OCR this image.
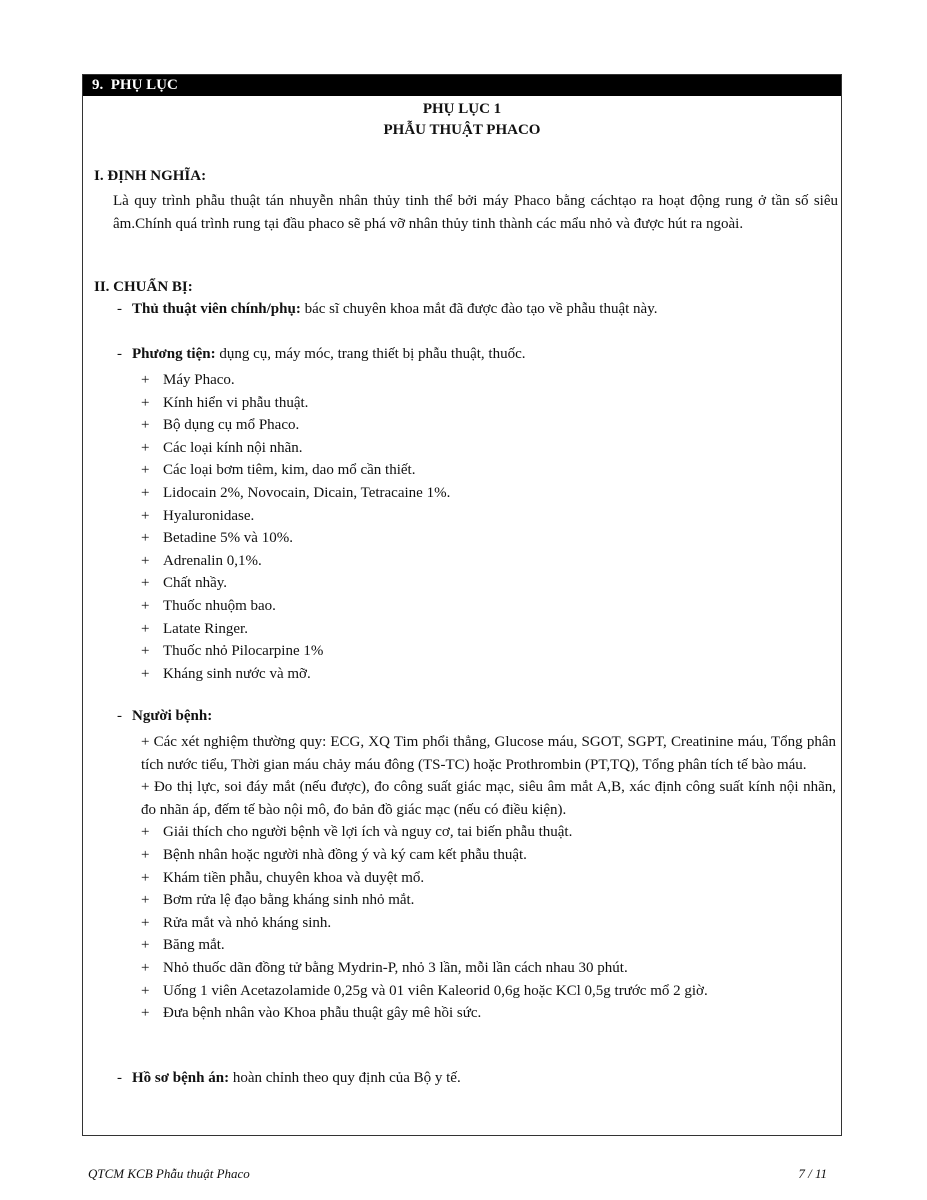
9. PHỤ LỤC
PHỤ LỤC 1
PHẪU THUẬT PHACO
I. ĐỊNH NGHĨA:
Là quy trình phẫu thuật tán nhuyễn nhân thủy tinh thể bởi máy Phaco bằng cáchtạo ra hoạt động rung ở tần số siêu âm.Chính quá trình rung tại đầu phaco sẽ phá vỡ nhân thủy tinh thành các mẩu nhỏ và được hút ra ngoài.
II. CHUẨN BỊ:
- Thủ thuật viên chính/phụ: bác sĩ chuyên khoa mắt đã được đào tạo về phẫu thuật này.
- Phương tiện: dụng cụ, máy móc, trang thiết bị phẫu thuật, thuốc.
+ Máy Phaco.
+ Kính hiển vi phẫu thuật.
+ Bộ dụng cụ mổ Phaco.
+ Các loại kính nội nhãn.
+ Các loại bơm tiêm, kim, dao mổ cần thiết.
+ Lidocain 2%, Novocain, Dicain, Tetracaine 1%.
+ Hyaluronidase.
+ Betadine 5% và 10%.
+ Adrenalin 0,1%.
+ Chất nhầy.
+ Thuốc nhuộm bao.
+ Latate Ringer.
+ Thuốc nhỏ Pilocarpine 1%
+ Kháng sinh nước và mỡ.
- Người bệnh:

+ Các xét nghiệm thường quy: ECG, XQ Tim phổi thẳng, Glucose máu, SGOT, SGPT, Creatinine máu, Tổng phân tích nước tiểu, Thời gian máu chảy máu đông (TS-TC) hoặc Prothrombin (PT,TQ), Tổng phân tích tế bào máu.

+ Đo thị lực, soi đáy mắt (nếu được), đo công suất giác mạc, siêu âm mắt A,B, xác định công suất kính nội nhãn, đo nhãn áp, đếm tế bào nội mô, đo bản đồ giác mạc (nếu có điều kiện).

+ Giải thích cho người bệnh về lợi ích và nguy cơ, tai biến phẫu thuật.
+ Bệnh nhân hoặc người nhà đồng ý và ký cam kết phẫu thuật.
+ Khám tiền phẫu, chuyên khoa và duyệt mổ.
+ Bơm rửa lệ đạo bằng kháng sinh nhỏ mắt.
+ Rửa mắt và nhỏ kháng sinh.
+ Băng mắt.
+ Nhỏ thuốc dãn đồng tử bằng Mydrin-P, nhỏ 3 lần, mỗi lần cách nhau 30 phút.
+ Uống 1 viên Acetazolamide 0,25g và 01 viên Kaleorid 0,6g hoặc KCl 0,5g trước mổ 2 giờ.
+ Đưa bệnh nhân vào Khoa phẫu thuật gây mê hồi sức.
- Hồ sơ bệnh án: hoàn chỉnh theo quy định của Bộ y tế.
QTCM KCB Phẫu thuật Phaco	7 / 11
